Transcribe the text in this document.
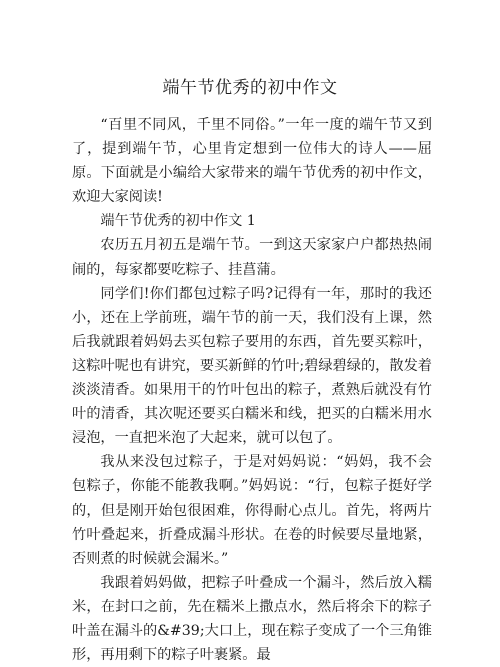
端午节优秀的初中作文

“百里不同风，千里不同俗。”一年一度的端午节又到了，提到端午节，心里肯定想到一位伟大的诗人——屈原。下面就是小编给大家带来的端午节优秀的初中作文，欢迎大家阅读!

端午节优秀的初中作文 1

农历五月初五是端午节。一到这天家家户户都热热闹闹的，每家都要吃粽子、挂菖蒲。

同学们!你们都包过粽子吗?记得有一年，那时的我还小，还在上学前班，端午节的前一天，我们没有上课，然后我就跟着妈妈去买包粽子要用的东西，首先要买粽叶，这粽叶呢也有讲究，要买新鲜的竹叶;碧绿碧绿的，散发着淡淡清香。如果用干的竹叶包出的粽子，煮熟后就没有竹叶的清香，其次呢还要买白糯米和线，把买的白糯米用水浸泡，一直把米泡了大起来，就可以包了。

我从来没包过粽子，于是对妈妈说：“妈妈，我不会包粽子，你能不能教我啊。”妈妈说：“行，包粽子挺好学的，但是刚开始包很困难，你得耐心点儿。首先，将两片竹叶叠起来，折叠成漏斗形状。在卷的时候要尽量地紧，否则煮的时候就会漏米。”

我跟着妈妈做，把粽子叶叠成一个漏斗，然后放入糯米，在封口之前，先在糯米上撒点水，然后将余下的粽子叶盖在漏斗的&#39;大口上，现在粽子变成了一个三角锥形，再用剩下的粽子叶裹紧。最
